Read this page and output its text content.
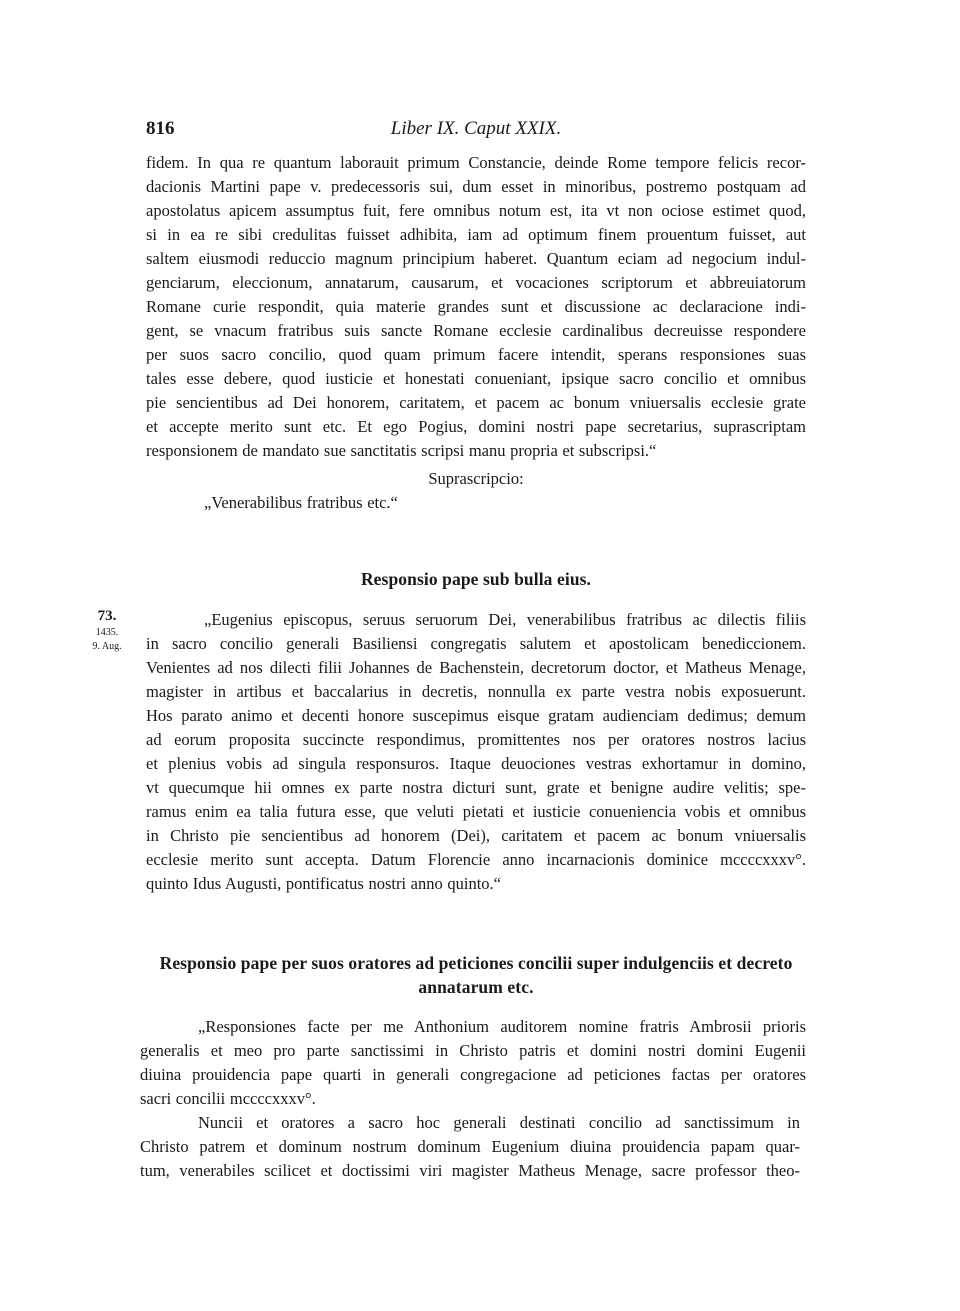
816	Liber IX. Caput XXIX.
fidem. In qua re quantum laborauit primum Constancie, deinde Rome tempore felicis recor-
dacionis Martini pape v. predecessoris sui, dum esset in minoribus, postremo postquam ad
apostolatus apicem assumptus fuit, fere omnibus notum est, ita vt non ociose estimet quod,
si in ea re sibi credulitas fuisset adhibita, iam ad optimum finem prouentum fuisset, aut
saltem eiusmodi reduccio magnum principium haberet. Quantum eciam ad negocium indul-
genciarum, eleccionum, annatarum, causarum, et vocaciones scriptorum et abbreuiatorum
Romane curie respondit, quia materie grandes sunt et discussione ac declaracione indi-
gent, se vnacum fratribus suis sancte Romane ecclesie cardinalibus decreuisse respondere
per suos sacro concilio, quod quam primum facere intendit, sperans responsiones suas
tales esse debere, quod iusticie et honestati conueniant, ipsique sacro concilio et omnibus
pie sencientibus ad Dei honorem, caritatem, et pacem ac bonum vniuersalis ecclesie grate
et accepte merito sunt etc. Et ego Pogius, domini nostri pape secretarius, suprascriptam
responsionem de mandato sue sanctitatis scripsi manu propria et subscripsi.“
Suprascripcio:
„Venerabilibus fratribus etc.“
Responsio pape sub bulla eius.
73.
1435.
9. Aug.
„Eugenius episcopus, seruus seruorum Dei, venerabilibus fratribus ac dilectis filiis
in sacro concilio generali Basiliensi congregatis salutem et apostolicam benediccionem.
Venientes ad nos dilecti filii Johannes de Bachenstein, decretorum doctor, et Matheus Menage,
magister in artibus et baccalarius in decretis, nonnulla ex parte vestra nobis exposuerunt.
Hos parato animo et decenti honore suscepimus eisque gratam audienciam dedimus; demum
ad eorum proposita succincte respondimus, promittentes nos per oratores nostros lacius
et plenius vobis ad singula responsuros. Itaque deuociones vestras exhortamur in domino,
vt quecumque hii omnes ex parte nostra dicturi sunt, grate et benigne audire velitis; spe-
ramus enim ea talia futura esse, que veluti pietati et iusticie conueniencia vobis et omnibus
in Christo pie sencientibus ad honorem (Dei), caritatem et pacem ac bonum vniuersalis
ecclesie merito sunt accepta. Datum Florencie anno incarnacionis dominice mccccxxxv°.
quinto Idus Augusti, pontificatus nostri anno quinto.“
Responsio pape per suos oratores ad peticiones concilii super indulgenciis et decreto
annatarum etc.
„Responsiones facte per me Anthonium auditorem nomine fratris Ambrosii prioris
generalis et meo pro parte sanctissimi in Christo patris et domini nostri domini Eugenii
diuina prouidencia pape quarti in generali congregacione ad peticiones factas per oratores
sacri concilii mccccxxxv°.
Nuncii et oratores a sacro hoc generali destinati concilio ad sanctissimum in
Christo patrem et dominum nostrum dominum Eugenium diuina prouidencia papam quar-
tum, venerabiles scilicet et doctissimi viri magister Matheus Menage, sacre professor theo-
